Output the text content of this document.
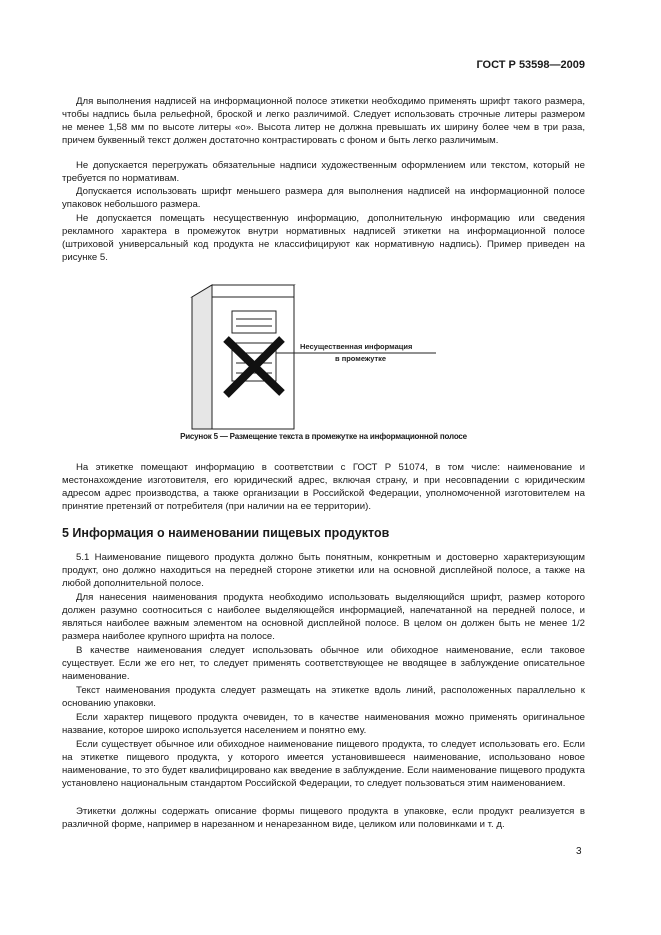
ГОСТ Р 53598—2009

Для выполнения надписей на информационной полосе этикетки необходимо применять шрифт такого размера, чтобы надпись была рельефной, броской и легко различимой. Следует использовать строчные литеры размером не менее 1,58 мм по высоте литеры «о». Высота литер не должна превышать их ширину более чем в три раза, причем буквенный текст должен достаточно контрастировать с фоном и быть легко различимым.

Не допускается перегружать обязательные надписи художественным оформлением или текстом, который не требуется по нормативам.

Допускается использовать шрифт меньшего размера для выполнения надписей на информационной полосе упаковок небольшого размера.

Не допускается помещать несущественную информацию, дополнительную информацию или сведения рекламного характера в промежуток внутри нормативных надписей этикетки на информационной полосе (штриховой универсальный код продукта не классифицируют как нормативную надпись). Пример приведен на рисунке 5.

Несущественная информация
в промежутке
Рисунок 5 — Размещение текста в промежутке на информационной полосе

На этикетке помещают информацию в соответствии с ГОСТ Р 51074, в том числе: наименование и местонахождение изготовителя, его юридический адрес, включая страну, и при несовпадении с юридическим адресом адрес производства, а также организации в Российской Федерации, уполномоченной изготовителем на принятие претензий от потребителя (при наличии на ее территории).

5 Информация о наименовании пищевых продуктов

5.1 Наименование пищевого продукта должно быть понятным, конкретным и достоверно характеризующим продукт, оно должно находиться на передней стороне этикетки или на основной дисплейной полосе, а также на любой дополнительной полосе.

Для нанесения наименования продукта необходимо использовать выделяющийся шрифт, размер которого должен разумно соотноситься с наиболее выделяющейся информацией, напечатанной на передней полосе, и являться наиболее важным элементом на основной дисплейной полосе. В целом он должен быть не менее 1/2 размера наиболее крупного шрифта на полосе.

В качестве наименования следует использовать обычное или обиходное наименование, если таковое существует. Если же его нет, то следует применять соответствующее не вводящее в заблуждение описательное наименование.

Текст наименования продукта следует размещать на этикетке вдоль линий, расположенных параллельно к основанию упаковки.

Если характер пищевого продукта очевиден, то в качестве наименования можно применять оригинальное название, которое широко используется населением и понятно ему.

Если существует обычное или обиходное наименование пищевого продукта, то следует использовать его. Если на этикетке пищевого продукта, у которого имеется установившееся наименование, использовано новое наименование, то это будет квалифицировано как введение в заблуждение. Если наименование пищевого продукта установлено национальным стандартом Российской Федерации, то следует пользоваться этим наименованием.

Этикетки должны содержать описание формы пищевого продукта в упаковке, если продукт реализуется в различной форме, например в нарезанном и ненарезанном виде, целиком или половинками и т. д.

3
